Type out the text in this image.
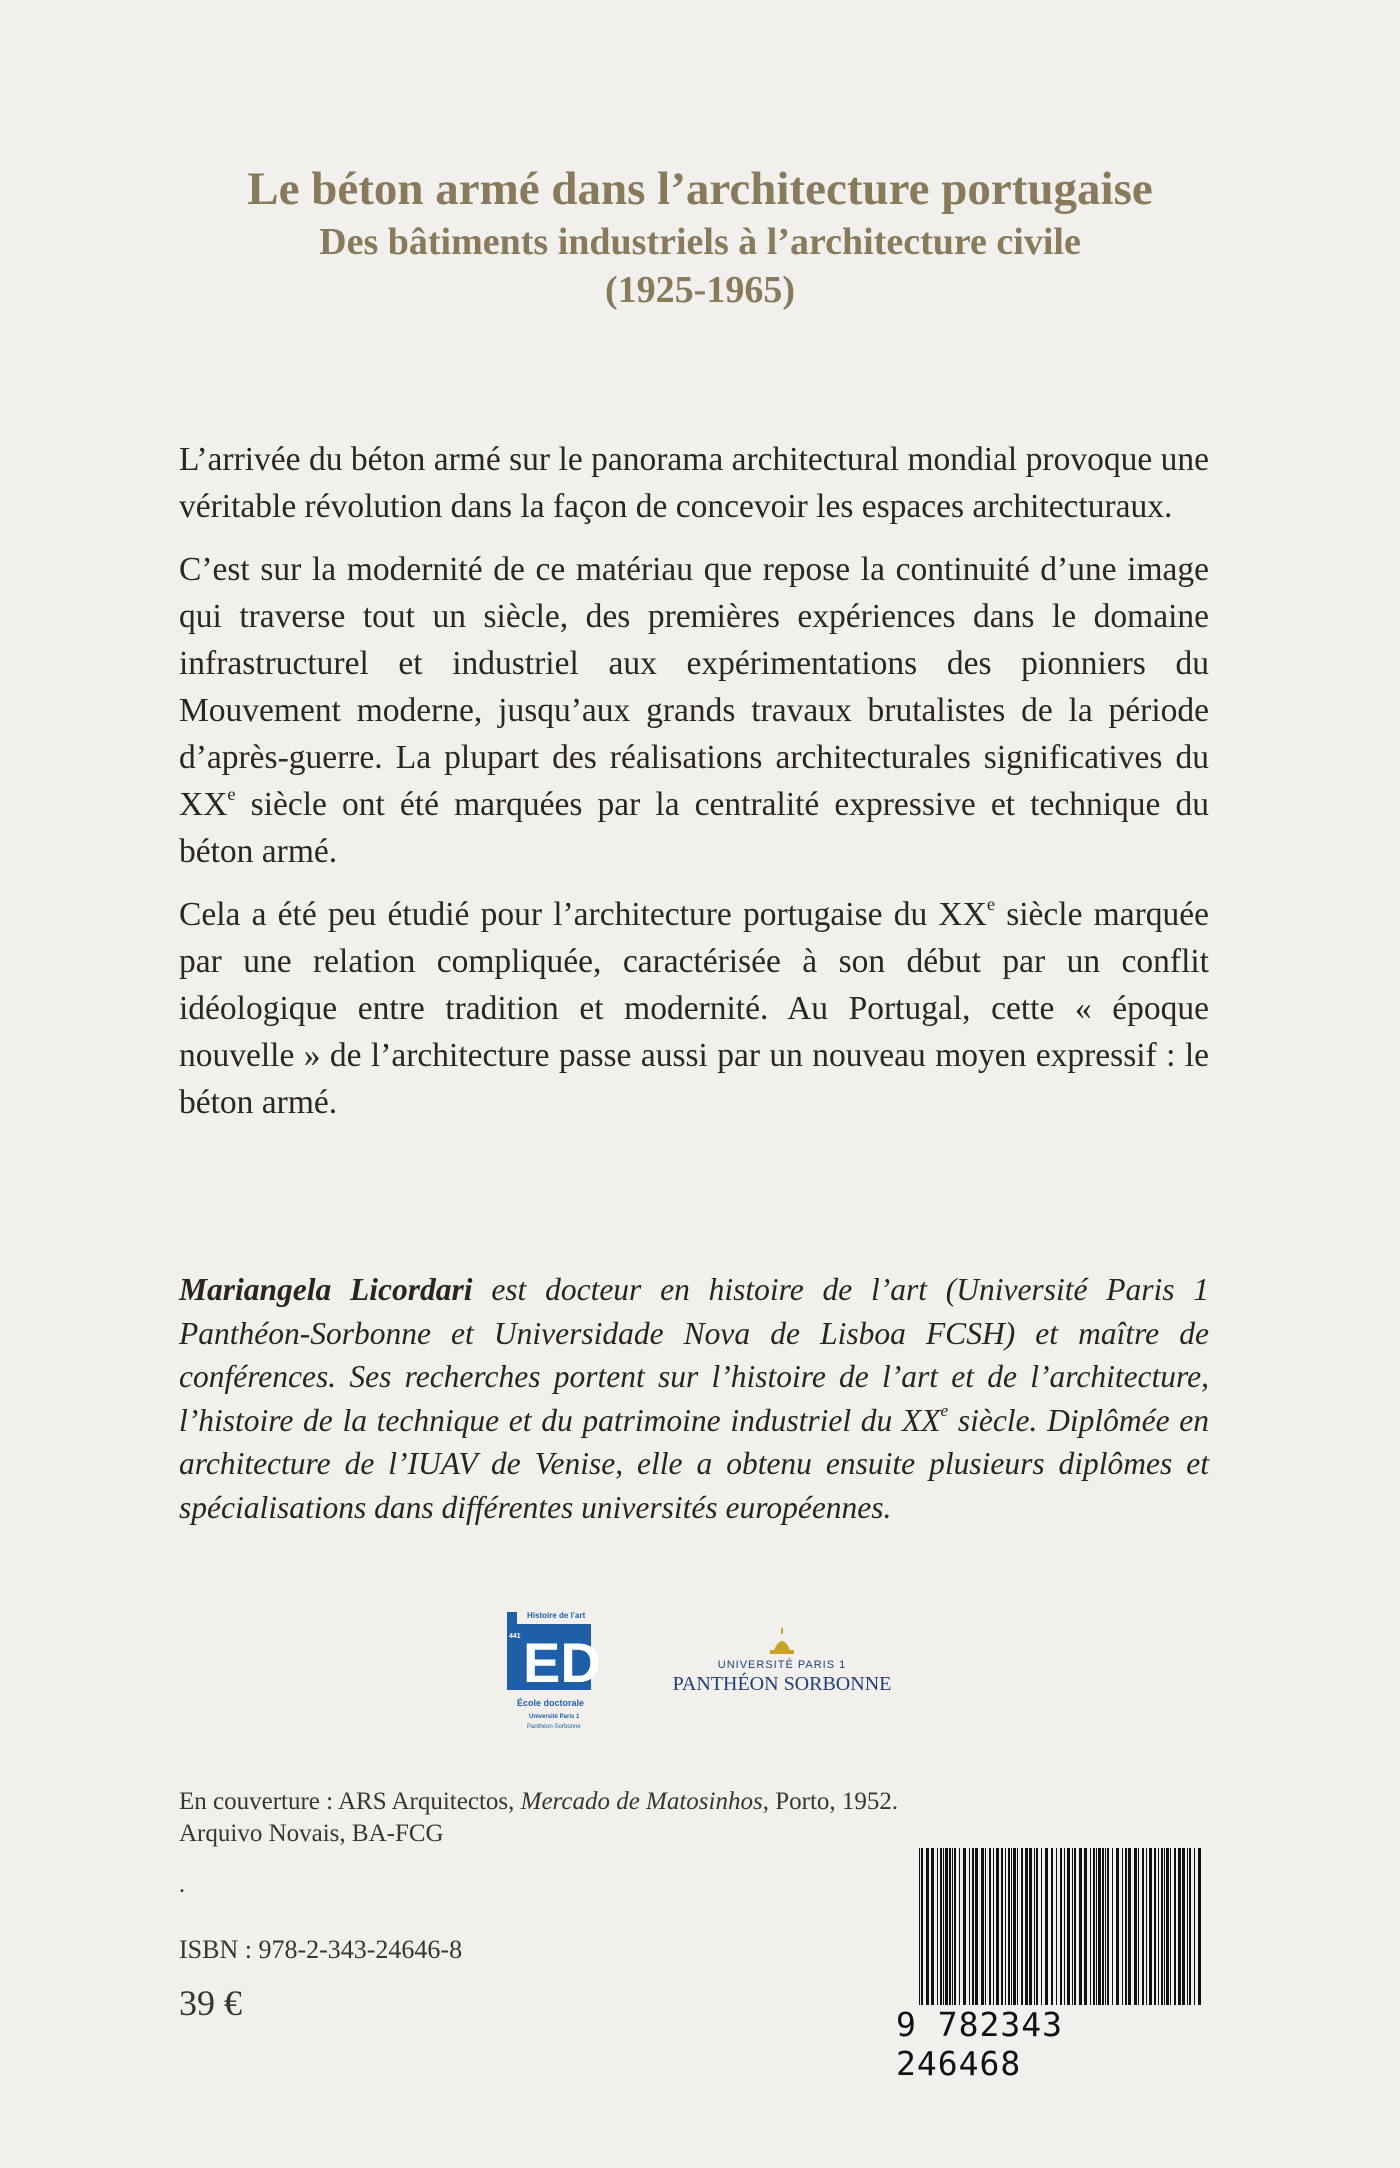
Le béton armé dans l’architecture portugaise
Des bâtiments industriels à l’architecture civile
(1925-1965)

L’arrivée du béton armé sur le panorama architectural mondial provoque une véritable révolution dans la façon de concevoir les espaces architecturaux.

C’est sur la modernité de ce matériau que repose la continuité d’une image qui traverse tout un siècle, des premières expériences dans le domaine infrastructurel et industriel aux expérimentations des pionniers du Mouvement moderne, jusqu’aux grands travaux brutalistes de la période d’après-guerre. La plupart des réalisations architecturales significatives du XXe siècle ont été marquées par la centralité expressive et technique du béton armé.

Cela a été peu étudié pour l’architecture portugaise du XXe siècle marquée par une relation compliquée, caractérisée à son début par un conflit idéologique entre tradition et modernité. Au Portugal, cette « époque nouvelle » de l’architecture passe aussi par un nouveau moyen expressif : le béton armé.

Mariangela Licordari est docteur en histoire de l’art (Université Paris 1 Panthéon-Sorbonne et Universidade Nova de Lisboa FCSH) et maître de conférences. Ses recherches portent sur l’histoire de l’art et de l’architecture, l’histoire de la technique et du patrimoine industriel du XXe siècle. Diplômée en architecture de l’IUAV de Venise, elle a obtenu ensuite plusieurs diplômes et spécialisations dans différentes universités européennes.
Histoire de l’art
441 ED
École doctorale
Université Paris 1
Panthéon-Sorbonne
UNIVERSITÉ PARIS 1
PANTHÉON SORBONNE
En couverture : ARS Arquitectos, Mercado de Matosinhos, Porto, 1952.
Arquivo Novais, BA-FCG
.
ISBN : 978-2-343-24646-8
39 €
9 782343 246468
